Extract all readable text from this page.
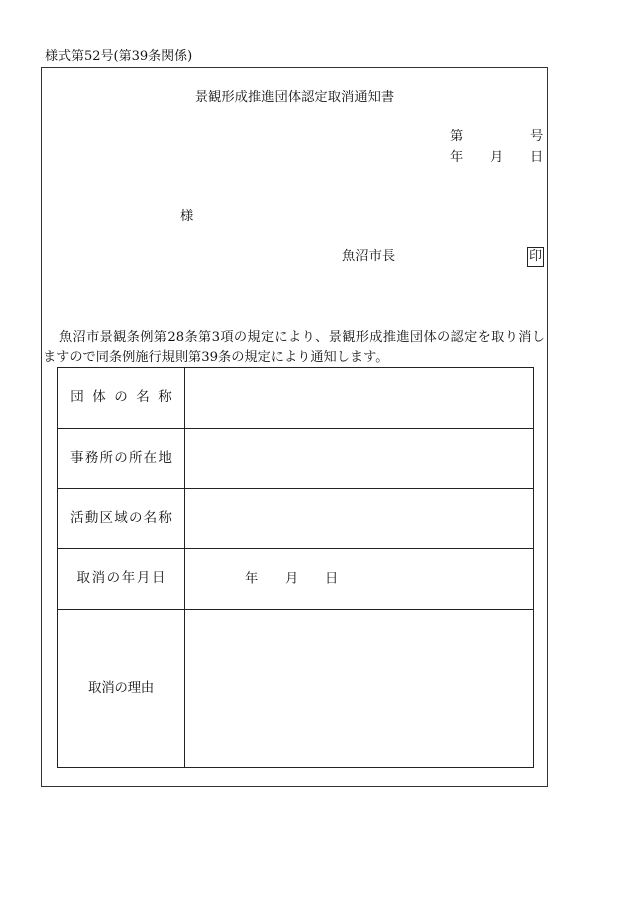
様式第52号(第39条関係)
景観形成推進団体認定取消通知書
第	号
年 月 日
様
魚沼市長	印
魚沼市景観条例第28条第3項の規定により、景観形成推進団体の認定を取り消しますので同条例施行規則第39条の規定により通知します。
団体の名称
事務所の所在地
活動区域の名称
取消の年月日	年 月 日
取消の理由
